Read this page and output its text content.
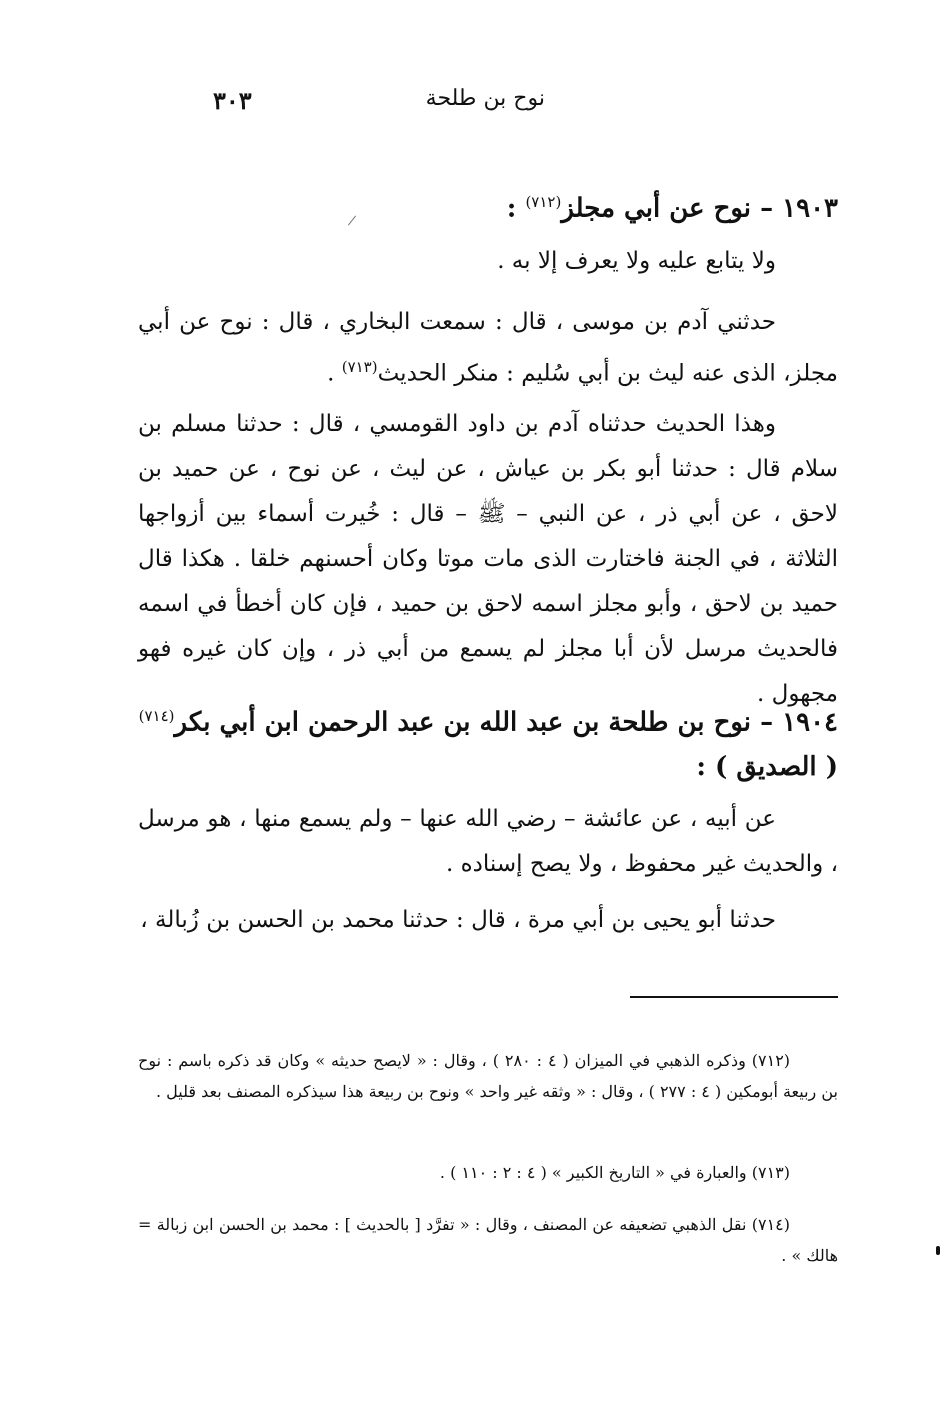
نوح بن طلحة
٣٠٣
١٩٠٣ – نوح عن أبي مجلز$^{(٧١٢)}$ :
ولا يتابع عليه ولا يعرف إلا به .
حدثني آدم بن موسى ، قال : سمعت البخاري ، قال : نوح عن أبي مجلز، الذى عنه ليث بن أبي سُليم : منكر الحديث$^{(٧١٣)}$ .
وهذا الحديث حدثناه آدم بن داود القومسي ، قال : حدثنا مسلم بن سلام قال : حدثنا أبو بكر بن عياش ، عن ليث ، عن نوح ، عن حميد بن لاحق ، عن أبي ذر ، عن النبي – ﷺ – قال : خُيرت أسماء بين أزواجها الثلاثة ، في الجنة فاختارت الذى مات موتا وكان أحسنهم خلقا . هكذا قال حميد بن لاحق ، وأبو مجلز اسمه لاحق بن حميد ، فإن كان أخطأ في اسمه فالحديث مرسل لأن أبا مجلز لم يسمع من أبي ذر ، وإن كان غيره فهو مجهول .
١٩٠٤ – نوح بن طلحة بن عبد الله بن عبد الرحمن ابن أبي بكر$^{(٧١٤)}$( الصديق ) :
عن أبيه ، عن عائشة – رضي الله عنها – ولم يسمع منها ، هو مرسل ، والحديث غير محفوظ ، ولا يصح إسناده .
حدثنا أبو يحيى بن أبي مرة ، قال : حدثنا محمد بن الحسن بن زُبالة ،
(٧١٢) وذكره الذهبي في الميزان ( ٤ : ٢٨٠ ) ، وقال : « لايصح حديثه » وكان قد ذكره باسم : نوح بن ربيعة أبومكين ( ٤ : ٢٧٧ ) ، وقال : « وثقه غير واحد » ونوح بن ربيعة هذا سيذكره المصنف بعد قليل .
(٧١٣) والعبارة في « التاريخ الكبير » ( ٤ : ٢ : ١١٠ ) .
(٧١٤) نقل الذهبي تضعيفه عن المصنف ، وقال : « تفرَّد [ بالحديث ] : محمد بن الحسن ابن زبالة = هالك » .
